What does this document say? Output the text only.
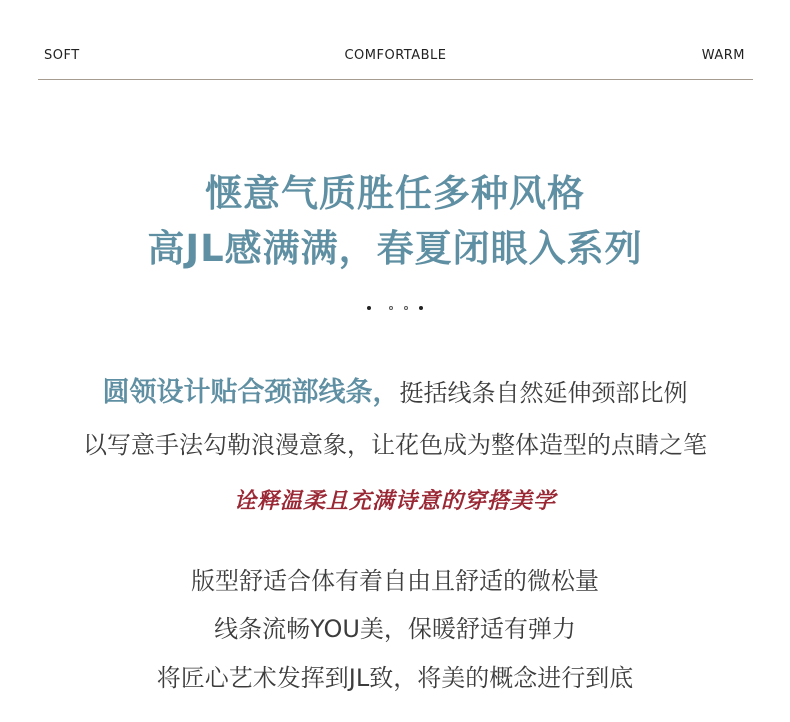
SOFT	COMFORTABLE	WARM
惬意气质胜任多种风格
高JL感满满，春夏闭眼入系列

圆领设计贴合颈部线条，挺括线条自然延伸颈部比例
以写意手法勾勒浪漫意象，让花色成为整体造型的点睛之笔
诠释温柔且充满诗意的穿搭美学
版型舒适合体有着自由且舒适的微松量
线条流畅YOU美，保暖舒适有弹力
将匠心艺术发挥到JL致，将美的概念进行到底
